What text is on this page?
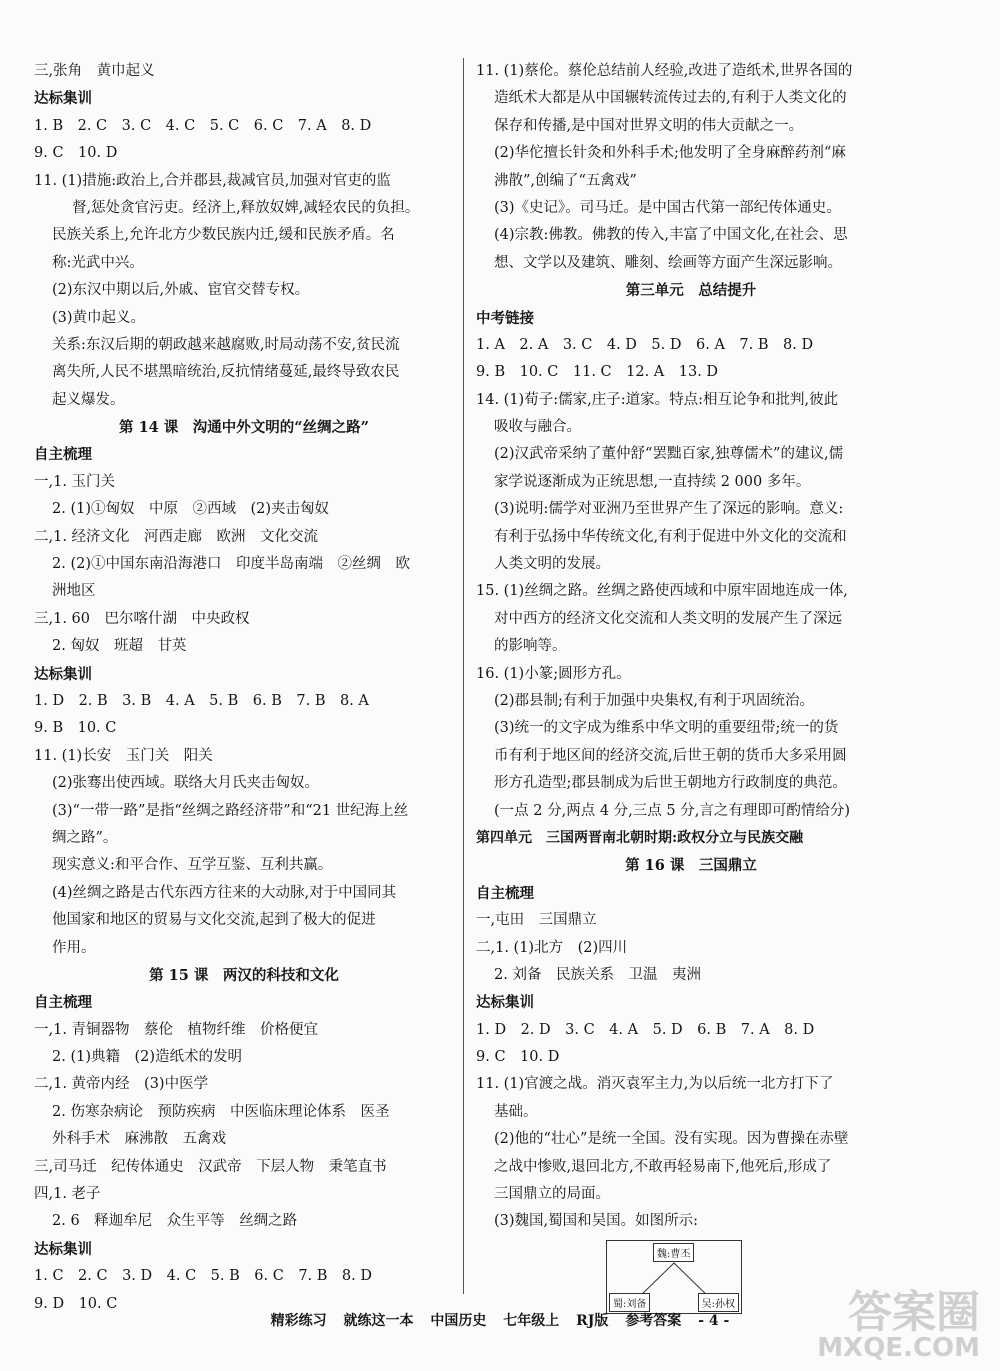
三,张角　黄巾起义
达标集训
1. B　2. C　3. C　4. C　5. C　6. C　7. A　8. D
9. C　10. D
11. (1)措施:政治上,合并郡县,裁减官员,加强对官吏的监
督,惩处贪官污吏。经济上,释放奴婢,减轻农民的负担。
民族关系上,允许北方少数民族内迁,缓和民族矛盾。名
称:光武中兴。
(2)东汉中期以后,外戚、宦官交替专权。
(3)黄巾起义。
关系:东汉后期的朝政越来越腐败,时局动荡不安,贫民流
离失所,人民不堪黑暗统治,反抗情绪蔓延,最终导致农民
起义爆发。
第 14 课　沟通中外文明的“丝绸之路”
自主梳理
一,1. 玉门关
2. (1)①匈奴　中原　②西域　(2)夹击匈奴
二,1. 经济文化　河西走廊　欧洲　文化交流
2. (2)①中国东南沿海港口　印度半岛南端　②丝绸　欧
洲地区
三,1. 60　巴尔喀什湖　中央政权
2. 匈奴　班超　甘英
达标集训
1. D　2. B　3. B　4. A　5. B　6. B　7. B　8. A
9. B　10. C
11. (1)长安　玉门关　阳关
(2)张骞出使西域。联络大月氏夹击匈奴。
(3)“一带一路”是指“丝绸之路经济带”和“21 世纪海上丝
绸之路”。
现实意义:和平合作、互学互鉴、互利共赢。
(4)丝绸之路是古代东西方往来的大动脉,对于中国同其
他国家和地区的贸易与文化交流,起到了极大的促进
作用。
第 15 课　两汉的科技和文化
自主梳理
一,1. 青铜器物　蔡伦　植物纤维　价格便宜
2. (1)典籍　(2)造纸术的发明
二,1. 黄帝内经　(3)中医学
2. 伤寒杂病论　预防疾病　中医临床理论体系　医圣
外科手术　麻沸散　五禽戏
三,司马迁　纪传体通史　汉武帝　下层人物　秉笔直书
四,1. 老子
2. 6　释迦牟尼　众生平等　丝绸之路
达标集训
1. C　2. C　3. D　4. C　5. B　6. C　7. B　8. D
9. D　10. C
11. (1)蔡伦。蔡伦总结前人经验,改进了造纸术,世界各国的
造纸术大都是从中国辗转流传过去的,有利于人类文化的
保存和传播,是中国对世界文明的伟大贡献之一。
(2)华佗擅长针灸和外科手术;他发明了全身麻醉药剂“麻
沸散”,创编了“五禽戏”
(3)《史记》。司马迁。是中国古代第一部纪传体通史。
(4)宗教:佛教。佛教的传入,丰富了中国文化,在社会、思
想、文学以及建筑、雕刻、绘画等方面产生深远影响。
第三单元　总结提升
中考链接
1. A　2. A　3. C　4. D　5. D　6. A　7. B　8. D
9. B　10. C　11. C　12. A　13. D
14. (1)荀子:儒家,庄子:道家。特点:相互论争和批判,彼此
吸收与融合。
(2)汉武帝采纳了董仲舒“罢黜百家,独尊儒术”的建议,儒
家学说逐渐成为正统思想,一直持续 2 000 多年。
(3)说明:儒学对亚洲乃至世界产生了深远的影响。意义:
有利于弘扬中华传统文化,有利于促进中外文化的交流和
人类文明的发展。
15. (1)丝绸之路。丝绸之路使西域和中原牢固地连成一体,
对中西方的经济文化交流和人类文明的发展产生了深远
的影响等。
16. (1)小篆;圆形方孔。
(2)郡县制;有利于加强中央集权,有利于巩固统治。
(3)统一的文字成为维系中华文明的重要纽带;统一的货
币有利于地区间的经济交流,后世王朝的货币大多采用圆
形方孔造型;郡县制成为后世王朝地方行政制度的典范。
(一点 2 分,两点 4 分,三点 5 分,言之有理即可酌情给分)
第四单元　三国两晋南北朝时期:政权分立与民族交融
第 16 课　三国鼎立
自主梳理
一,屯田　三国鼎立
二,1. (1)北方　(2)四川
2. 刘备　民族关系　卫温　夷洲
达标集训
1. D　2. D　3. C　4. A　5. D　6. B　7. A　8. D
9. C　10. D
11. (1)官渡之战。消灭袁军主力,为以后统一北方打下了
基础。
(2)他的“壮心”是统一全国。没有实现。因为曹操在赤壁
之战中惨败,退回北方,不敢再轻易南下,他死后,形成了
三国鼎立的局面。
(3)魏国,蜀国和吴国。如图所示:
魏:曹丕
蜀:刘备	吴:孙权
精彩练习 就练这一本 中国历史 七年级上 RJ版 参考答案 - 4 -	答案圈
MXQE.COM
